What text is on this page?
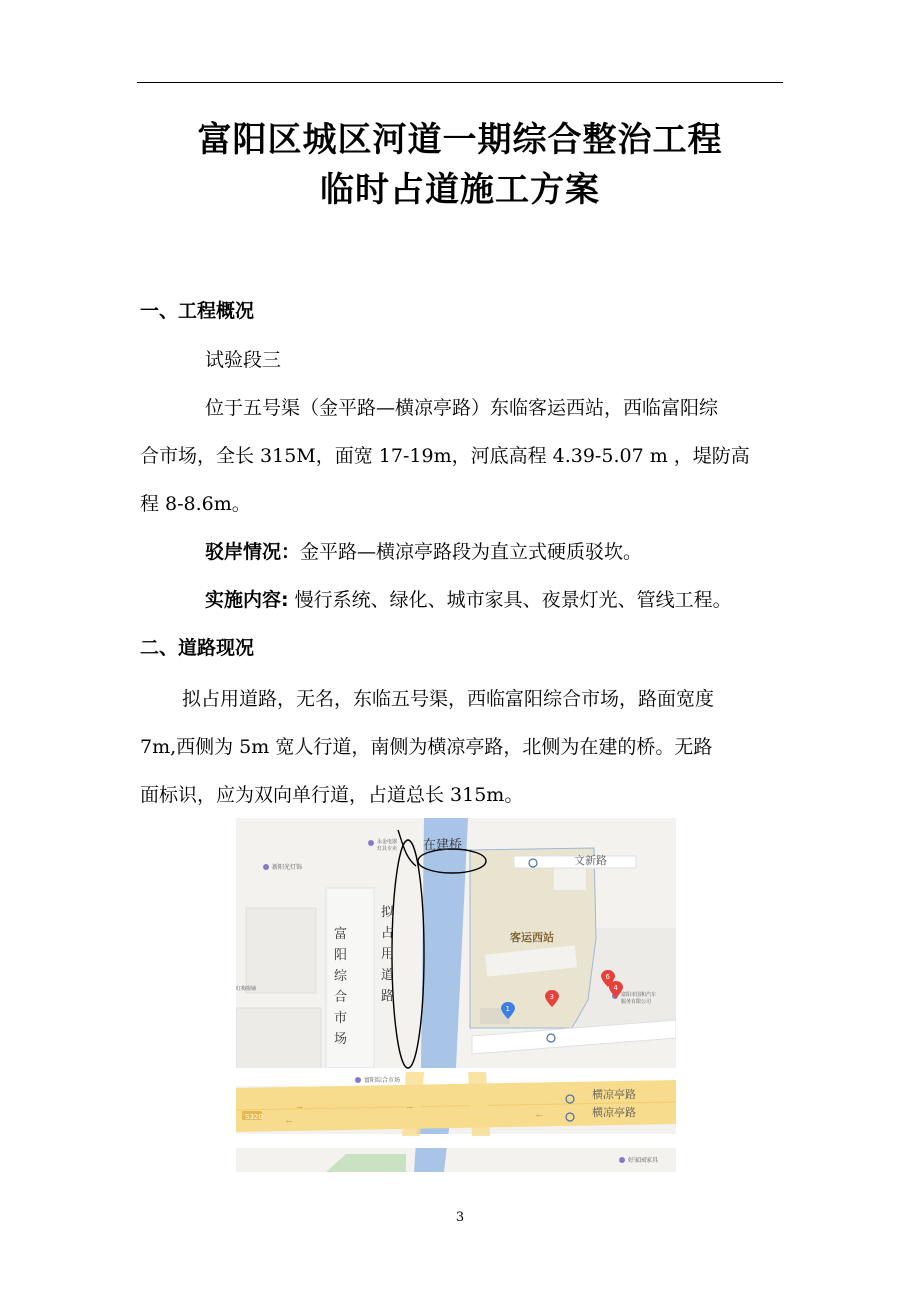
富阳区城区河道一期综合整治工程
临时占道施工方案
一、工程概况
试验段三
位于五号渠（金平路—横凉亭路）东临客运西站，西临富阳综
合市场，全长 315M，面宽 17-19m，河底高程 4.39-5.07 m ，堤防高
程 8-8.6m。
驳岸情况：金平路—横凉亭路段为直立式硬质驳坎。
实施内容: 慢行系统、绿化、城市家具、夜景灯光、管线工程。
二、道路现况
拟占用道路，无名，东临五号渠，西临富阳综合市场，路面宽度
7m,西侧为 5m 宽人行道，南侧为横凉亭路，北侧为在建的桥。无路
面标识，应为双向单行道，占道总长 315m。
→	→
←
←
S320
在建桥
文新路
客运西站
拟
占
用
道
路
富
阳
综
合
市
场
横凉亭路
横凉亭路
新阳光灯饰
永金电器
灯具专卖
红梅窗铺
富阳综合市场
富阳市国和汽车
服务有限公司
好家园家具
1
3
4
6
3
